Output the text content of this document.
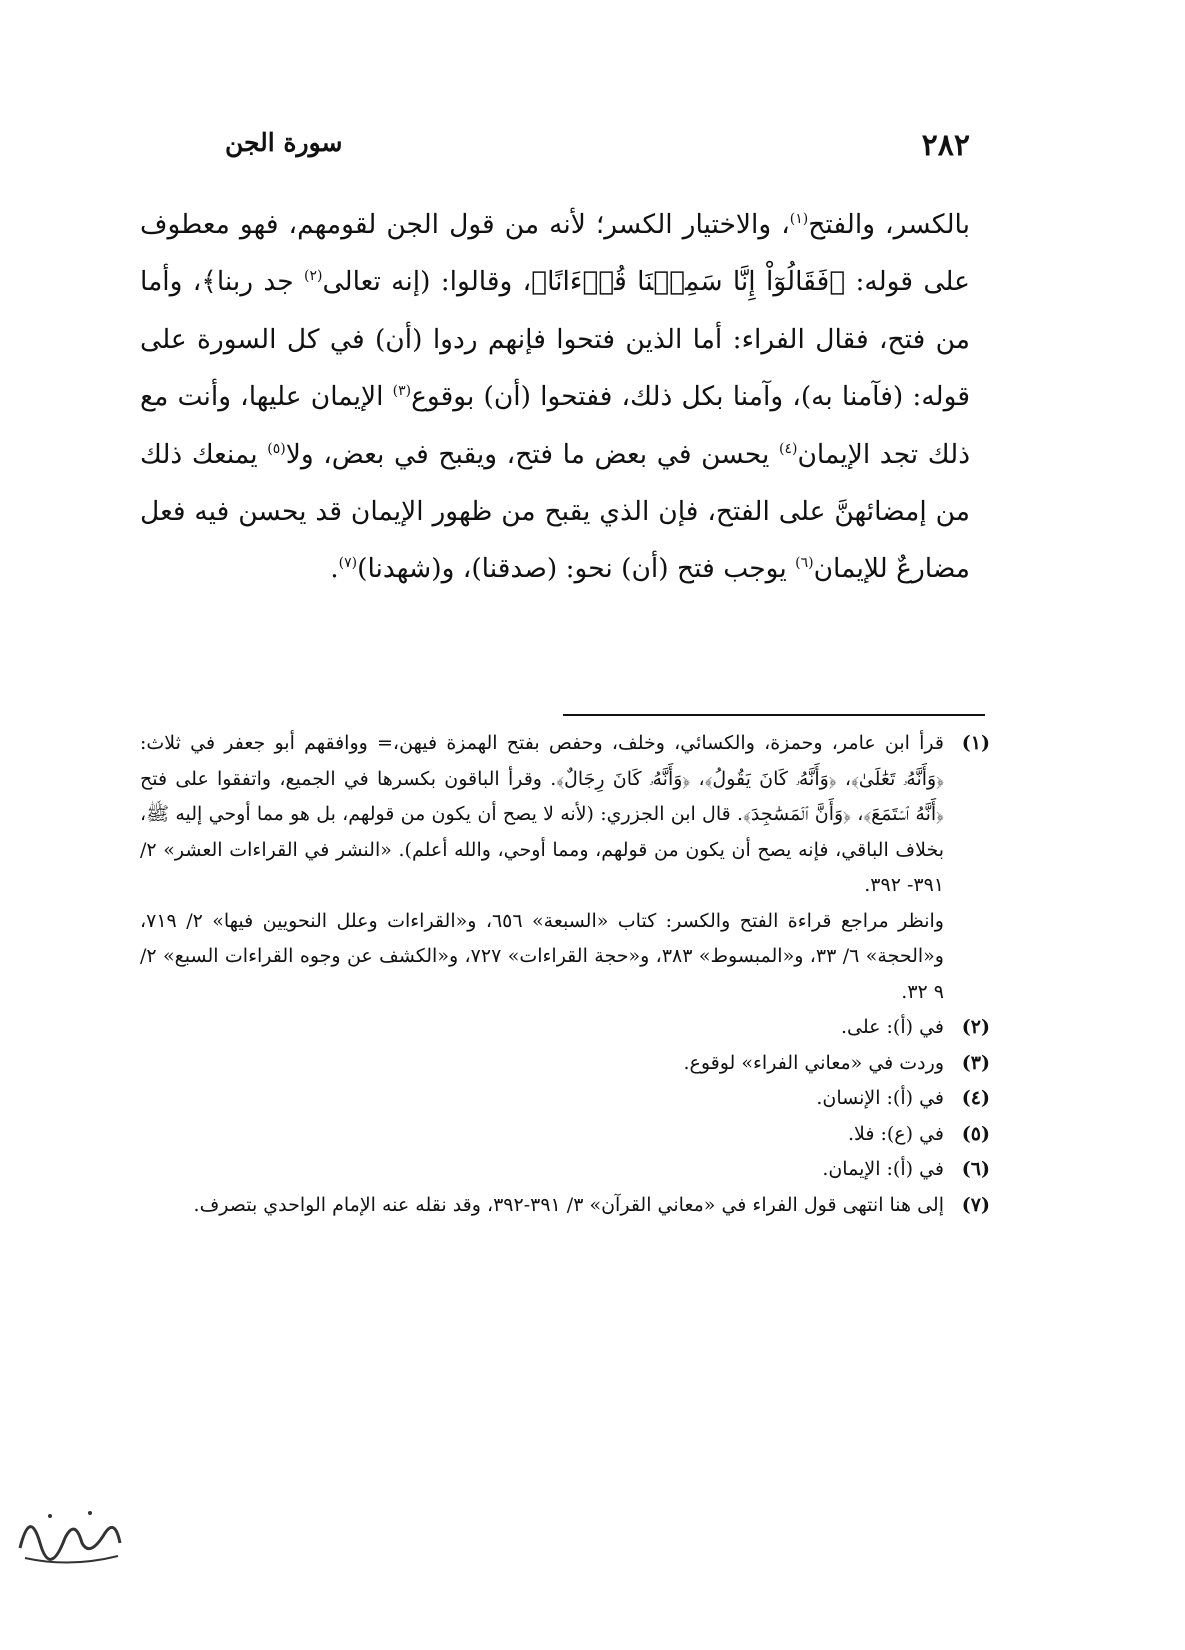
٢٨٢
سورة الجن

بالكسر، والفتح$^{(١)}$، والاختيار الكسر؛ لأنه من قول الجن لقومهم، فهو معطوف على قوله: ﴿فَقَالُوٓاْ إِنَّا سَمِعۡنَا قُرۡءَانًا﴾، وقالوا: (إنه تعالى$^{(٢)}$ جد ربنا﴾، وأما من فتح، فقال الفراء: أما الذين فتحوا فإنهم ردوا (أن) في كل السورة على قوله: (فآمنا به)، وآمنا بكل ذلك، ففتحوا (أن) بوقوع$^{(٣)}$ الإيمان عليها، وأنت مع ذلك تجد الإيمان$^{(٤)}$ يحسن في بعض ما فتح، ويقبح في بعض، ولا$^{(٥)}$ يمنعك ذلك من إمضائهنَّ على الفتح، فإن الذي يقبح من ظهور الإيمان قد يحسن فيه فعل مضارعٌ للإيمان$^{(٦)}$ يوجب فتح (أن) نحو: (صدقنا)، و(شهدنا)$^{(٧)}$.

(١)

قرأ ابن عامر، وحمزة، والكسائي، وخلف، وحفص بفتح الهمزة فيهن،= ووافقهم أبو جعفر في ثلاث: ﴿وَأَنَّهُۥ تَعَٰلَىٰ﴾، ﴿وَأَنَّهُۥ كَانَ يَقُولُ﴾، ﴿وَأَنَّهُۥ كَانَ رِجَالٌ﴾. وقرأ الباقون بكسرها في الجميع، واتفقوا على فتح ﴿أَنَّهُ ٱسۡتَمَعَ﴾، ﴿وَأَنَّ ٱلۡمَسَٰجِدَ﴾. قال ابن الجزري: (لأنه لا يصح أن يكون من قولهم، بل هو مما أوحي إليه ﷺ، بخلاف الباقي، فإنه يصح أن يكون من قولهم، ومما أوحي، والله أعلم). «النشر في القراءات العشر» ٢/ ٣٩١- ٣٩٢.

وانظر مراجع قراءة الفتح والكسر: كتاب «السبعة» ٦٥٦، و«القراءات وعلل النحويين فيها» ٢/ ٧١٩، و«الحجة» ٦/ ٣٣، و«المبسوط» ٣٨٣، و«حجة القراءات» ٧٢٧، و«الكشف عن وجوه القراءات السبع» ٢/ ٩ ٣٢.

(٢)

في (أ): على.

(٣)

وردت في «معاني الفراء» لوقوع.

(٤)

في (أ): الإنسان.

(٥)

في (ع): فلا.

(٦)

في (أ): الإيمان.

(٧)

إلى هنا انتهى قول الفراء في «معاني القرآن» ٣/ ٣٩١-٣٩٢، وقد نقله عنه الإمام الواحدي بتصرف.
